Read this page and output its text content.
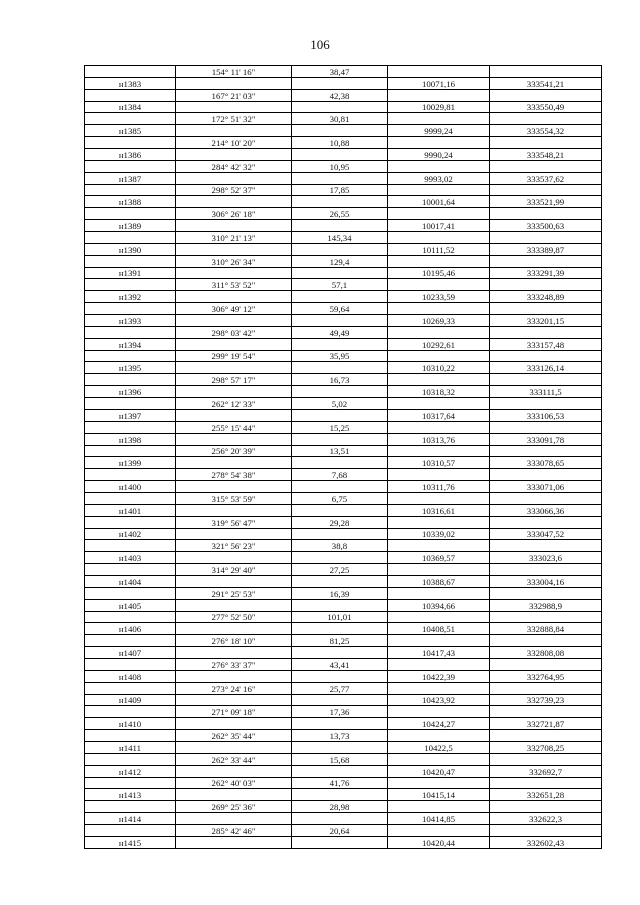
106
	154° 11' 16"	38,47		
н1383			10071,16	333541,21
	167° 21' 03"	42,38		
н1384			10029,81	333550,49
	172° 51' 32"	30,81		
н1385			9999,24	333554,32
	214° 10' 20"	10,88		
н1386			9990,24	333548,21
	284° 42' 32"	10,95		
н1387			9993,02	333537,62
	298° 52' 37"	17,85		
н1388			10001,64	333521,99
	306° 26' 18"	26,55		
н1389			10017,41	333500,63
	310° 21' 13"	145,34		
н1390			10111,52	333389,87
	310° 26' 34"	129,4		
н1391			10195,46	333291,39
	311° 53' 52"	57,1		
н1392			10233,59	333248,89
	306° 49' 12"	59,64		
н1393			10269,33	333201,15
	298° 03' 42"	49,49		
н1394			10292,61	333157,48
	299° 19' 54"	35,95		
н1395			10310,22	333126,14
	298° 57' 17"	16,73		
н1396			10318,32	333111,5
	262° 12' 33"	5,02		
н1397			10317,64	333106,53
	255° 15' 44"	15,25		
н1398			10313,76	333091,78
	256° 20' 39"	13,51		
н1399			10310,57	333078,65
	278° 54' 38"	7,68		
н1400			10311,76	333071,06
	315° 53' 59"	6,75		
н1401			10316,61	333066,36
	319° 56' 47"	29,28		
н1402			10339,02	333047,52
	321° 56' 23"	38,8		
н1403			10369,57	333023,6
	314° 29' 40"	27,25		
н1404			10388,67	333004,16
	291° 25' 53"	16,39		
н1405			10394,66	332988,9
	277° 52' 50"	101,01		
н1406			10408,51	332888,84
	276° 18' 10"	81,25		
н1407			10417,43	332808,08
	276° 33' 37"	43,41		
н1408			10422,39	332764,95
	273° 24' 16"	25,77		
н1409			10423,92	332739,23
	271° 09' 18"	17,36		
н1410			10424,27	332721,87
	262° 35' 44"	13,73		
н1411			10422,5	332708,25
	262° 33' 44"	15,68		
н1412			10420,47	332692,7
	262° 40' 03"	41,76		
н1413			10415,14	332651,28
	269° 25' 36"	28,98		
н1414			10414,85	332622,3
	285° 42' 46"	20,64		
н1415			10420,44	332602,43
